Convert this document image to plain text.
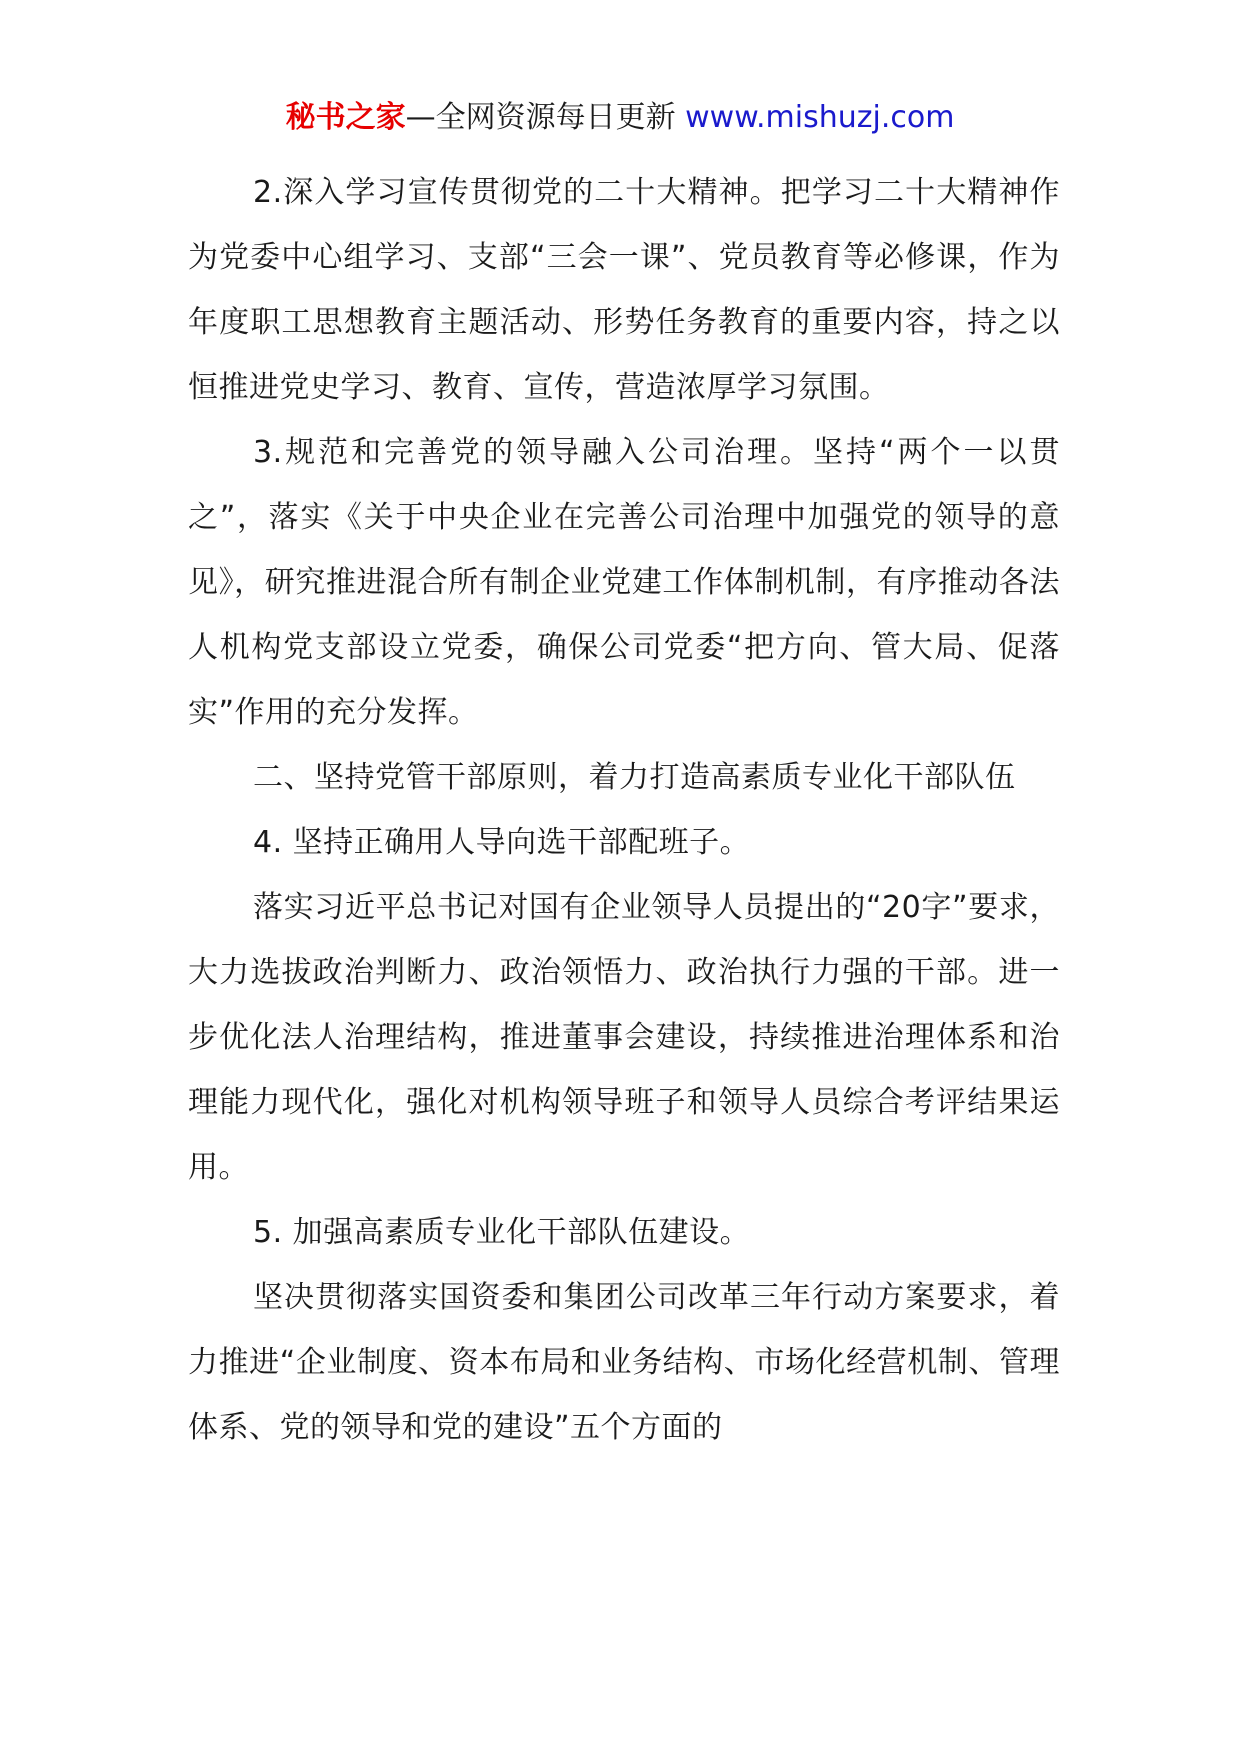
秘书之家—全网资源每日更新 www.mishuzj.com

2.深入学习宣传贯彻党的二十大精神。把学习二十大精神作为党委中心组学习、支部“三会一课”、党员教育等必修课，作为年度职工思想教育主题活动、形势任务教育的重要内容，持之以恒推进党史学习、教育、宣传，营造浓厚学习氛围。

3.规范和完善党的领导融入公司治理。坚持“两个一以贯之”，落实《关于中央企业在完善公司治理中加强党的领导的意见》，研究推进混合所有制企业党建工作体制机制，有序推动各法人机构党支部设立党委，确保公司党委“把方向、管大局、促落实”作用的充分发挥。

二、坚持党管干部原则，着力打造高素质专业化干部队伍

4. 坚持正确用人导向选干部配班子。

落实习近平总书记对国有企业领导人员提出的“20字”要求，大力选拔政治判断力、政治领悟力、政治执行力强的干部。进一步优化法人治理结构，推进董事会建设，持续推进治理体系和治理能力现代化，强化对机构领导班子和领导人员综合考评结果运用。

5. 加强高素质专业化干部队伍建设。

坚决贯彻落实国资委和集团公司改革三年行动方案要求，着力推进“企业制度、资本布局和业务结构、市场化经营机制、管理体系、党的领导和党的建设”五个方面的
